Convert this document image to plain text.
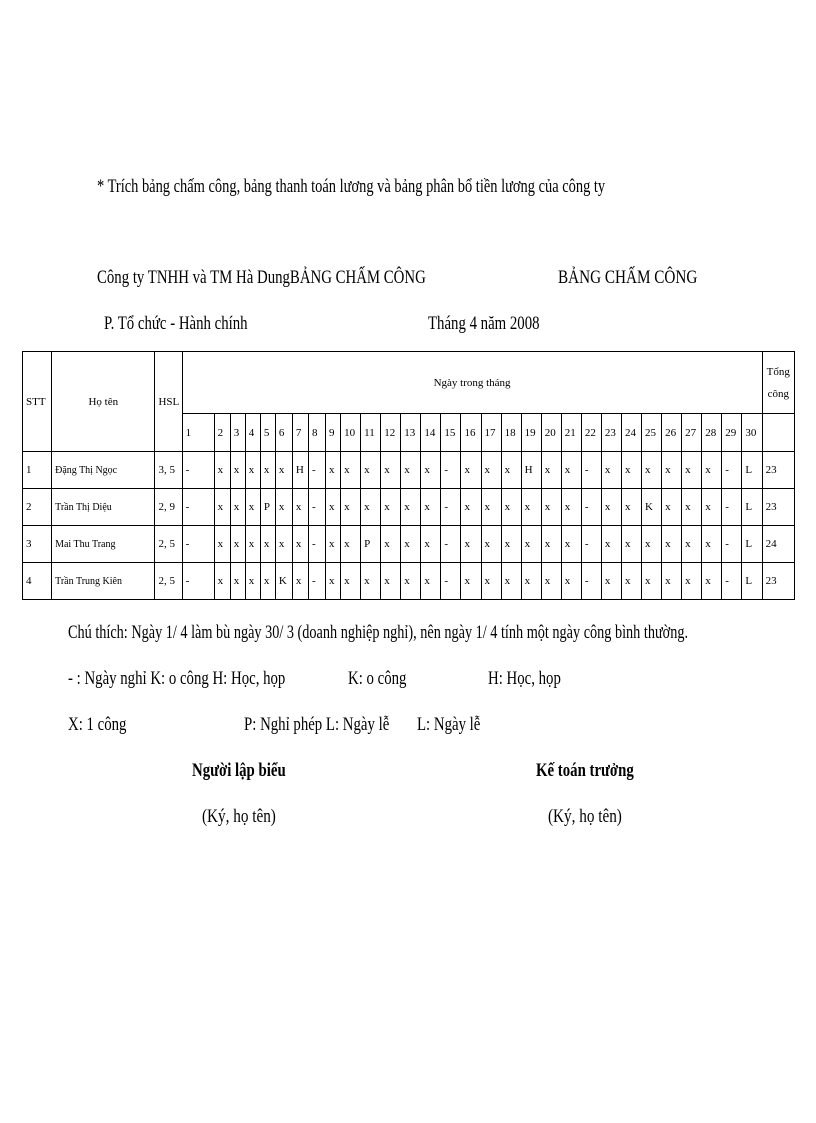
* Trích bảng chấm công, bảng thanh toán lương và bảng phân bổ tiền lương của công ty
Công ty TNHH và TM Hà DungBẢNG CHẤM CÔNG	BẢNG CHẤM CÔNG
P. Tổ chức - Hành chính	Tháng 4 năm 2008
STT	Họ tên	HSL	Ngày trong tháng																														Tổng công
			1	2	3	4	5	6	7	8	9	10	11	12	13	14	15	16	17	18	19	20	21	22	23	24	25	26	27	28	29	30	
1	Đặng Thị Ngọc	3, 5	-	x	x	x	x	x	H	-	x	x	x	x	x	x	-	x	x	x	H	x	x	-	x	x	x	x	x	x	-	L	23
2	Trần Thị Diệu	2, 9	-	x	x	x	P	x	x	-	x	x	x	x	x	x	-	x	x	x	x	x	x	-	x	x	K	x	x	x	-	L	23
3	Mai Thu Trang	2, 5	-	x	x	x	x	x	x	-	x	x	P	x	x	x	-	x	x	x	x	x	x	-	x	x	x	x	x	x	-	L	24
4	Trần Trung Kiên	2, 5	-	x	x	x	x	K	x	-	x	x	x	x	x	x	-	x	x	x	x	x	x	-	x	x	x	x	x	x	-	L	23
Chú thích: Ngày 1/ 4 làm bù ngày 30/ 3 (doanh nghiệp nghỉ), nên ngày 1/ 4 tính một ngày công bình thường.
- : Ngày nghỉ K: o công H: Học, họp	K: o công	H: Học, họp
X: 1 công	P: Nghỉ phép L: Ngày lễ	L: Ngày lễ
Người lập biểu	Kế toán trưởng
(Ký, họ tên)	(Ký, họ tên)
